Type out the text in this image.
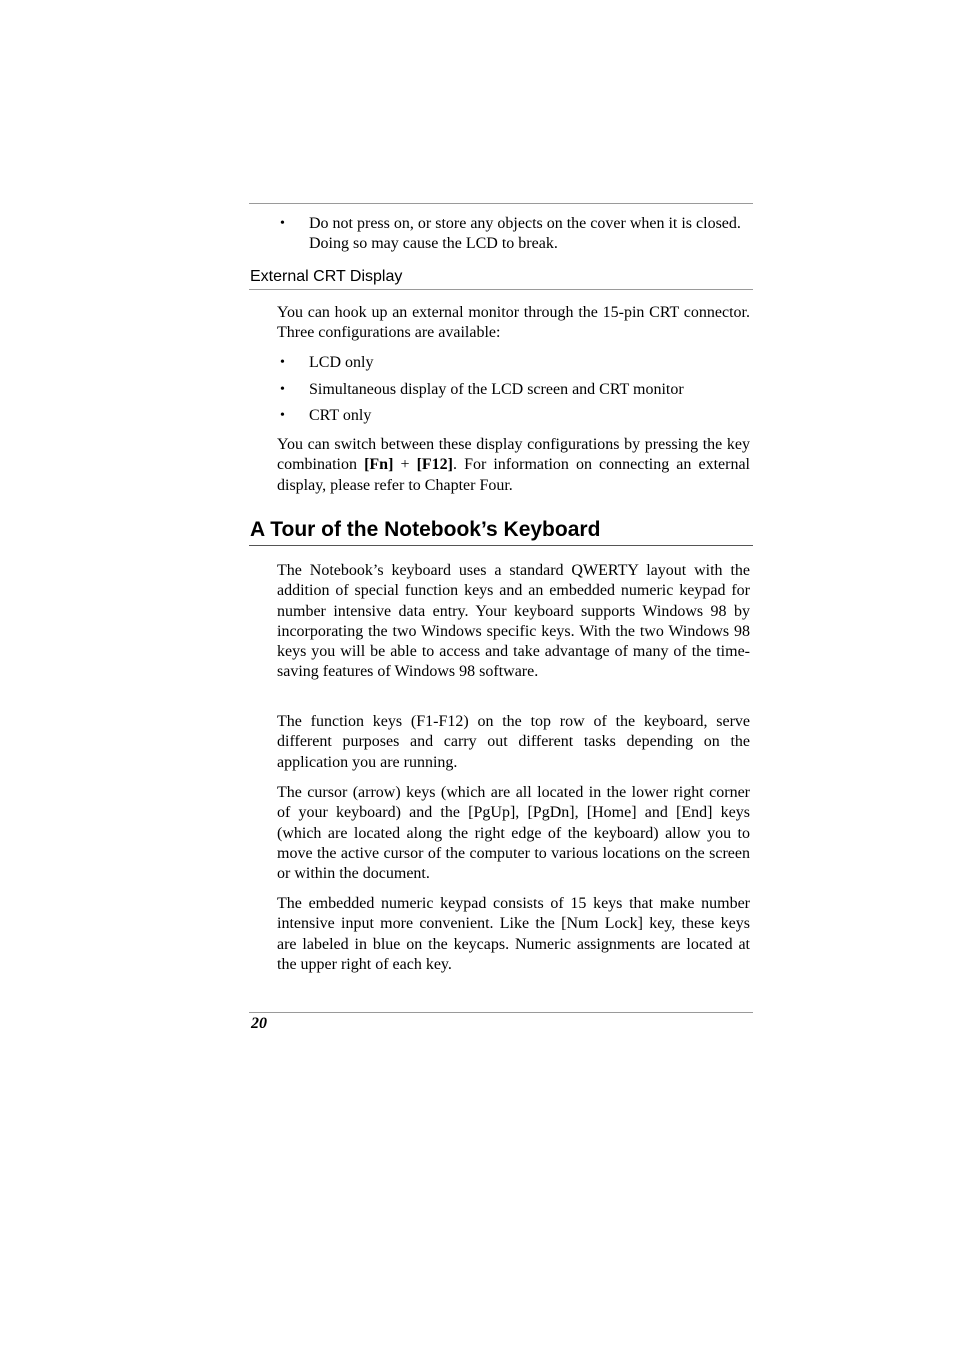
• Do not press on, or store any objects on the cover when it is closed. Doing so may cause the LCD to break.
External CRT Display
You can hook up an external monitor through the 15-pin CRT connector. Three configurations are available:
• LCD only
• Simultaneous display of the LCD screen and CRT monitor
• CRT only
You can switch between these display configurations by pressing the key combination [Fn] + [F12]. For information on connecting an external display, please refer to Chapter Four.
A Tour of the Notebook’s Keyboard
The Notebook’s keyboard uses a standard QWERTY layout with the addition of special function keys and an embedded numeric keypad for number intensive data entry. Your keyboard supports Windows 98 by incorporating the two Windows specific keys. With the two Windows 98 keys you will be able to access and take advantage of many of the time-saving features of Windows 98 software.
The function keys (F1-F12) on the top row of the keyboard, serve different purposes and carry out different tasks depending on the application you are running.
The cursor (arrow) keys (which are all located in the lower right corner of your keyboard) and the [PgUp], [PgDn], [Home] and [End] keys (which are located along the right edge of the keyboard) allow you to move the active cursor of the computer to various locations on the screen or within the document.
The embedded numeric keypad consists of 15 keys that make number intensive input more convenient. Like the [Num Lock] key, these keys are labeled in blue on the keycaps. Numeric assignments are located at the upper right of each key.
20
